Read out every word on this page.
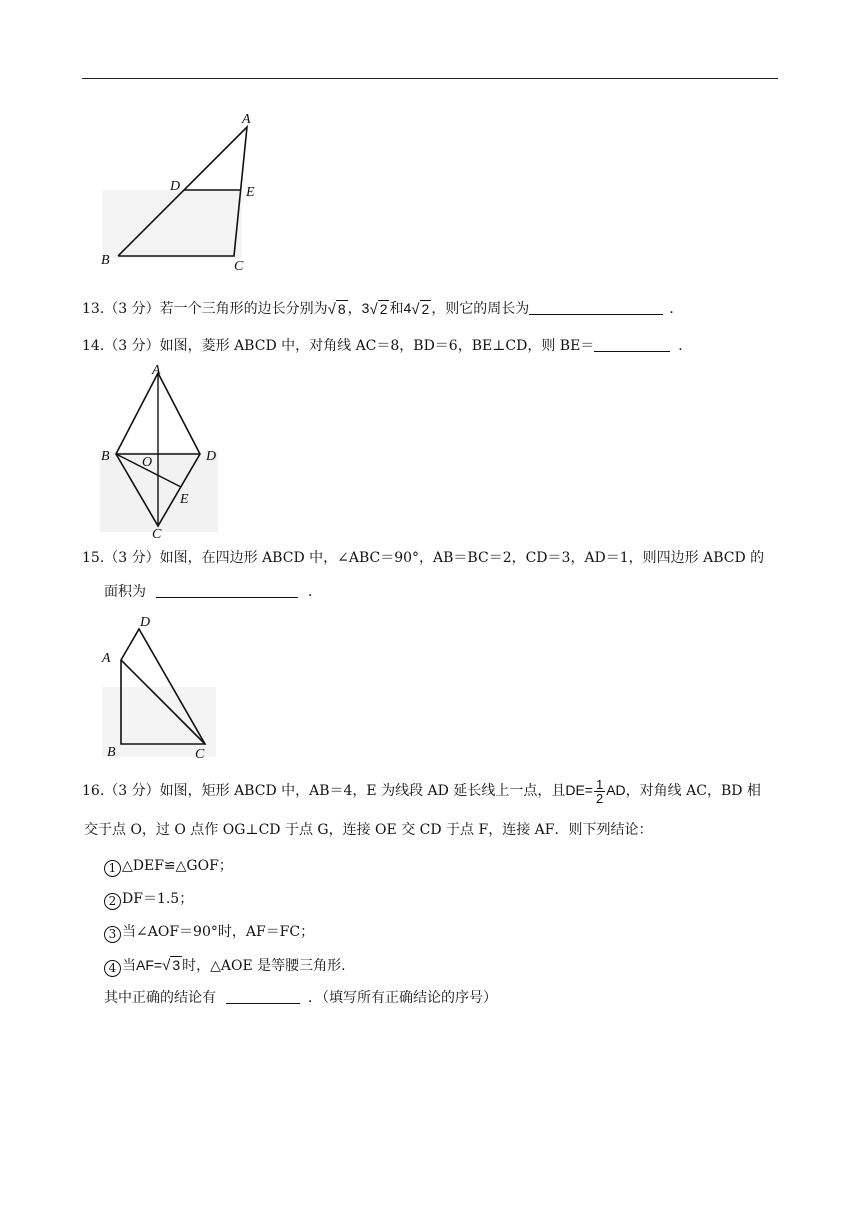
A
D	E
B	C
13.（3 分）若一个三角形的边长分别为√ 8 ，3√ 2 和4√ 2 ，则它的周长为	．
14.（3 分）如图，菱形 ABCD 中，对角线 AC＝8，BD＝6，BE⊥CD，则 BE＝	．
A
B O	D
E
C
15.（3 分）如图，在四边形 ABCD 中，∠ABC＝90°，AB＝BC＝2，CD＝3，AD＝1，则四边形 ABCD 的
面积为	．
D
A
B	C
16.（3 分）如图，矩形 ABCD 中，AB＝4，E 为线段 AD 延长线上一点，且$DE= \frac{1}{2}$ AD，对角线 AC，BD 相
交于点 O，过 O 点作 OG⊥CD 于点 G，连接 OE 交 CD 于点 F，连接 AF．则下列结论：
1 △DEF≌△GOF；
2 DF＝1.5；
3 当∠AOF＝90°时，AF＝FC；
4 当AF=√ 3 时，△AOE 是等腰三角形.
其中正确的结论有	．（填写所有正确结论的序号）
